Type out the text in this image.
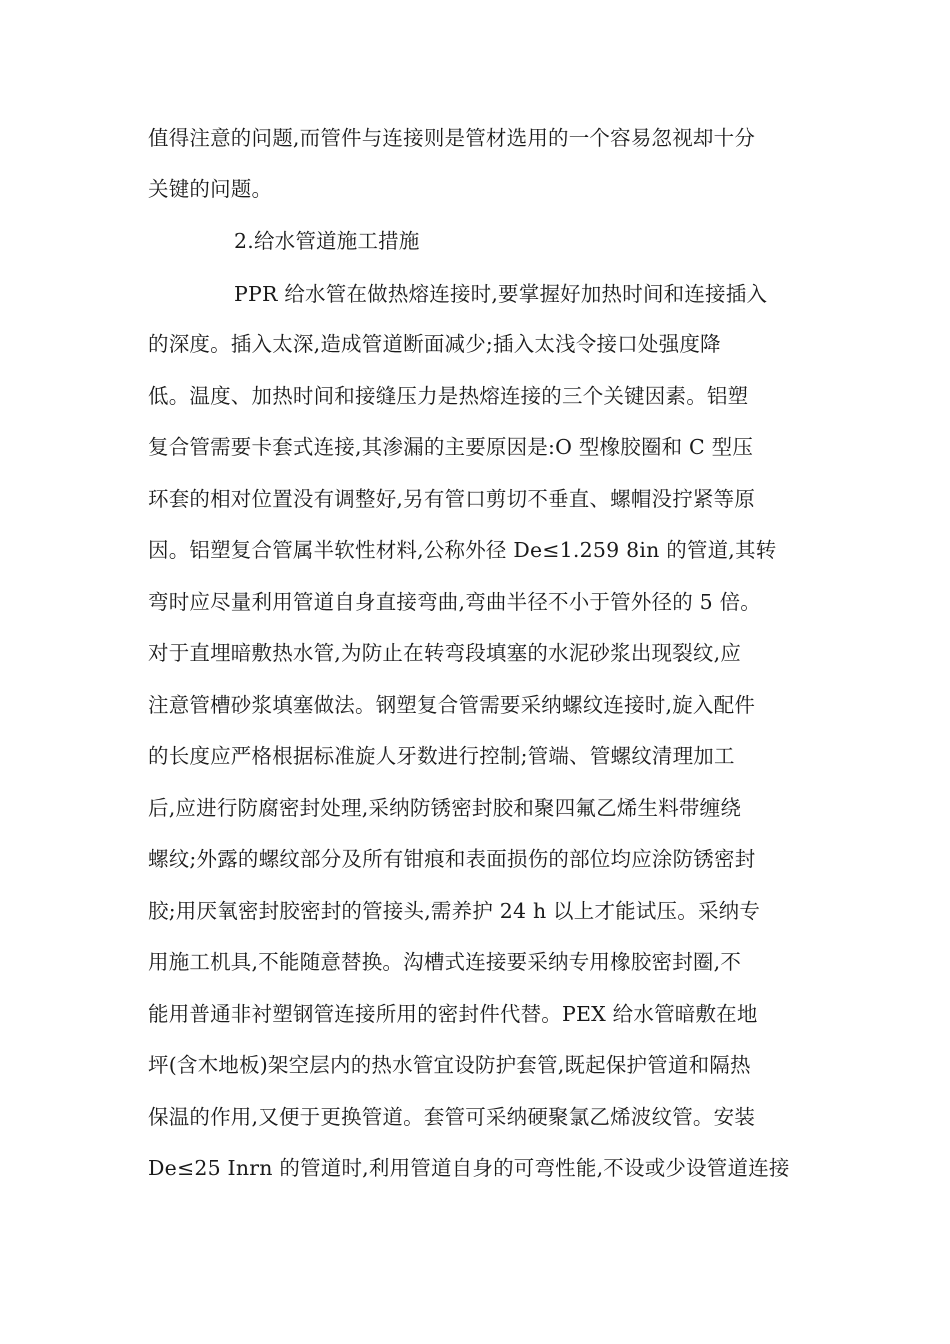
值得注意的问题,而管件与连接则是管材选用的一个容易忽视却十分
关键的问题。
2.给水管道施工措施
PPR 给水管在做热熔连接时,要掌握好加热时间和连接插入
的深度。插入太深,造成管道断面减少;插入太浅令接口处强度降
低。温度、加热时间和接缝压力是热熔连接的三个关键因素。铝塑
复合管需要卡套式连接,其渗漏的主要原因是:O 型橡胶圈和 C 型压
环套的相对位置没有调整好,另有管口剪切不垂直、螺帽没拧紧等原
因。铝塑复合管属半软性材料,公称外径 De≤1.259 8in 的管道,其转
弯时应尽量利用管道自身直接弯曲,弯曲半径不小于管外径的 5 倍。
对于直埋暗敷热水管,为防止在转弯段填塞的水泥砂浆出现裂纹,应
注意管槽砂浆填塞做法。钢塑复合管需要采纳螺纹连接时,旋入配件
的长度应严格根据标准旋人牙数进行控制;管端、管螺纹清理加工
后,应进行防腐密封处理,采纳防锈密封胶和聚四氟乙烯生料带缠绕
螺纹;外露的螺纹部分及所有钳痕和表面损伤的部位均应涂防锈密封
胶;用厌氧密封胶密封的管接头,需养护 24 h 以上才能试压。采纳专
用施工机具,不能随意替换。沟槽式连接要采纳专用橡胶密封圈,不
能用普通非衬塑钢管连接所用的密封件代替。PEX 给水管暗敷在地
坪(含木地板)架空层内的热水管宜设防护套管,既起保护管道和隔热
保温的作用,又便于更换管道。套管可采纳硬聚氯乙烯波纹管。安装
De≤25 Inrn 的管道时,利用管道自身的可弯性能,不设或少设管道连接
